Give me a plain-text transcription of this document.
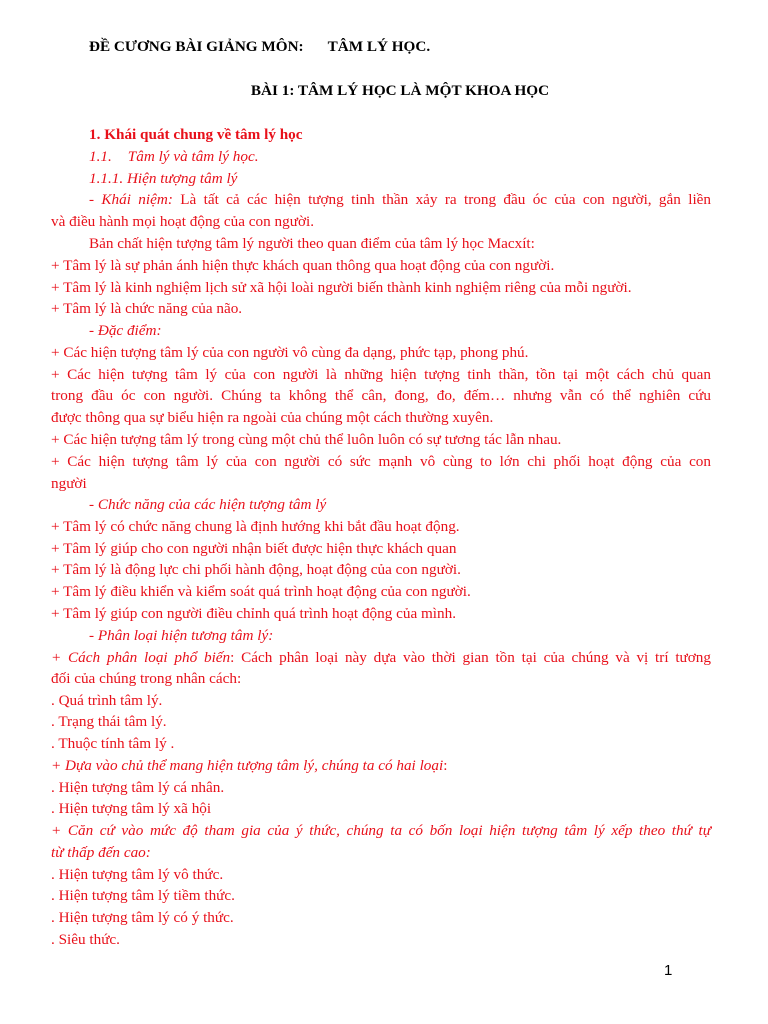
ĐỀ CƯƠNG BÀI GIẢNG MÔN: TÂM LÝ HỌC.
BÀI 1: TÂM LÝ HỌC LÀ MỘT KHOA HỌC
1. Khái quát chung về tâm lý học
1.1. Tâm lý và tâm lý học.
1.1.1. Hiện tượng tâm lý
- Khái niệm: Là tất cả các hiện tượng tinh thần xảy ra trong đầu óc của con người, gắn liền
và điều hành mọi hoạt động của con người.
Bản chất hiện tượng tâm lý người theo quan điểm của tâm lý học Macxít:
+ Tâm lý là sự phản ánh hiện thực khách quan thông qua hoạt động của con người.
+ Tâm lý là kinh nghiệm lịch sử xã hội loài người biến thành kinh nghiệm riêng của mỗi người.
+ Tâm lý là chức năng của não.
- Đặc điểm:
+ Các hiện tượng tâm lý của con người vô cùng đa dạng, phức tạp, phong phú.
+ Các hiện tượng tâm lý của con người là những hiện tượng tinh thần, tồn tại một cách chủ quan
trong đầu óc con người. Chúng ta không thể cân, đong, đo, đếm… nhưng vẫn có thể nghiên cứu
được thông qua sự biểu hiện ra ngoài của chúng một cách thường xuyên.
+ Các hiện tượng tâm lý trong cùng một chủ thể luôn luôn có sự tương tác lẫn nhau.
+ Các hiện tượng tâm lý của con người có sức mạnh vô cùng to lớn chi phối hoạt động của con
người
- Chức năng của các hiện tượng tâm lý
+ Tâm lý có chức năng chung là định hướng khi bắt đầu hoạt động.
+ Tâm lý giúp cho con người nhận biết được hiện thực khách quan
+ Tâm lý là động lực chi phối hành động, hoạt động của con người.
+ Tâm lý điều khiển và kiểm soát quá trình hoạt động của con người.
+ Tâm lý giúp con người điều chỉnh quá trình hoạt động của mình.
- Phân loại hiện tương tâm lý:
+ Cách phân loại phổ biến: Cách phân loại này dựa vào thời gian tồn tại của chúng và vị trí tương
đối của chúng trong nhân cách:
. Quá trình tâm lý.
. Trạng thái tâm lý.
. Thuộc tính tâm lý .
+ Dựa vào chủ thể mang hiện tượng tâm lý, chúng ta có hai loại:
. Hiện tượng tâm lý cá nhân.
. Hiện tượng tâm lý xã hội
+ Căn cứ vào mức độ tham gia của ý thức, chúng ta có bốn loại hiện tượng tâm lý xếp theo thứ tự
từ thấp đến cao:
. Hiện tượng tâm lý vô thức.
. Hiện tượng tâm lý tiềm thức.
. Hiện tượng tâm lý có ý thức.
. Siêu thức.
1
